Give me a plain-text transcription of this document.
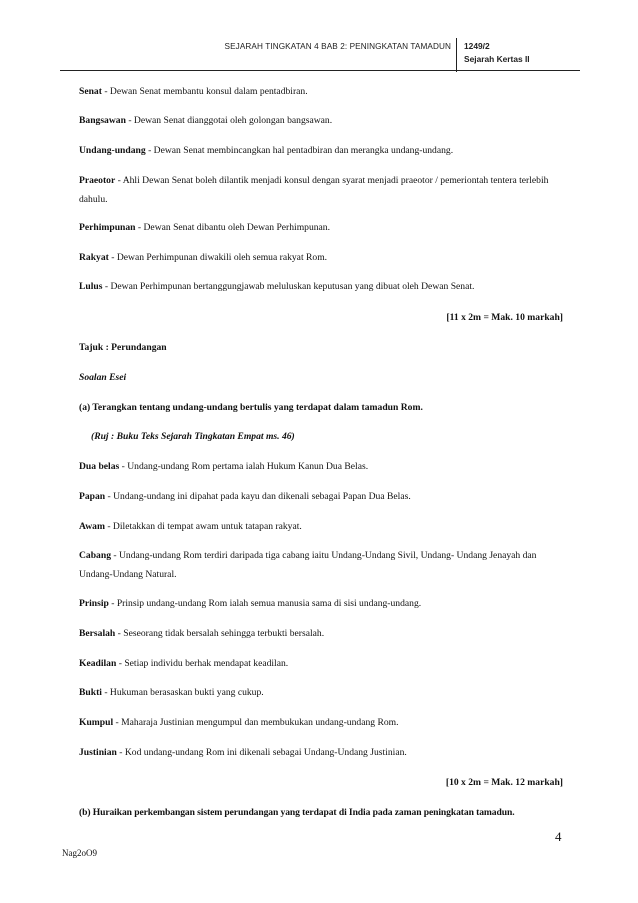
SEJARAH TINGKATAN 4 BAB 2: PENINGKATAN TAMADUN 1249/2
Sejarah Kertas II

Senat - Dewan Senat membantu konsul dalam pentadbiran.

Bangsawan - Dewan Senat dianggotai oleh golongan bangsawan.

Undang-undang - Dewan Senat membincangkan hal pentadbiran dan merangka undang-undang.

Praeotor - Ahli Dewan Senat boleh dilantik menjadi konsul dengan syarat menjadi praeotor / pemeriontah tentera terlebih dahulu.

Perhimpunan - Dewan Senat dibantu oleh Dewan Perhimpunan.

Rakyat - Dewan Perhimpunan diwakili oleh semua rakyat Rom.

Lulus - Dewan Perhimpunan bertanggungjawab meluluskan keputusan yang dibuat oleh Dewan Senat.

[11 x 2m = Mak. 10 markah]

Tajuk : Perundangan

Soalan Esei

(a) Terangkan tentang undang-undang bertulis yang terdapat dalam tamadun Rom.

(Ruj : Buku Teks Sejarah Tingkatan Empat ms. 46)

Dua belas - Undang-undang Rom pertama ialah Hukum Kanun Dua Belas.

Papan - Undang-undang ini dipahat pada kayu dan dikenali sebagai Papan Dua Belas.

Awam - Diletakkan di tempat awam untuk tatapan rakyat.

Cabang - Undang-undang Rom terdiri daripada tiga cabang iaitu Undang-Undang Sivil, Undang- Undang Jenayah dan Undang-Undang Natural.

Prinsip - Prinsip undang-undang Rom ialah semua manusia sama di sisi undang-undang.

Bersalah - Seseorang tidak bersalah sehingga terbukti bersalah.

Keadilan - Setiap individu berhak mendapat keadilan.

Bukti - Hukuman berasaskan bukti yang cukup.

Kumpul - Maharaja Justinian mengumpul dan membukukan undang-undang Rom.

Justinian - Kod undang-undang Rom ini dikenali sebagai Undang-Undang Justinian.

[10 x 2m = Mak. 12 markah]

(b) Huraikan perkembangan sistem perundangan yang terdapat di India pada zaman peningkatan tamadun.

4
Nag2oO9
